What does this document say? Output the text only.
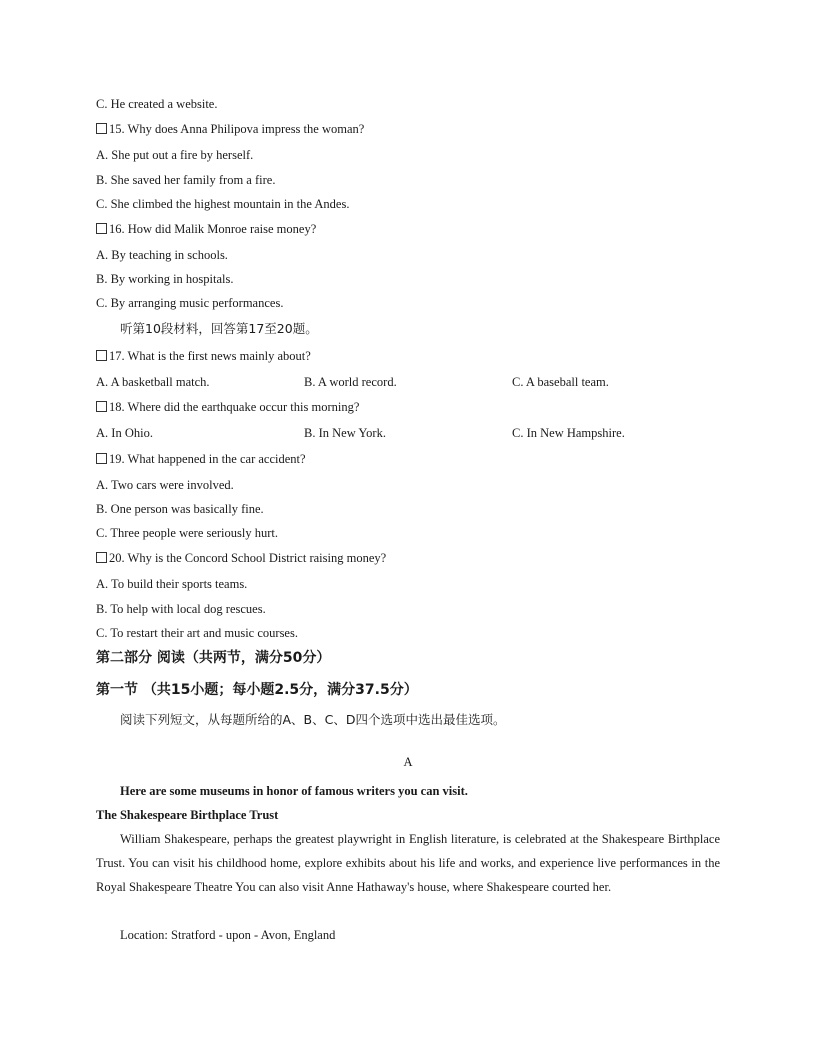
C. He created a website.
15. Why does Anna Philipova impress the woman?
A. She put out a fire by herself.
B. She saved her family from a fire.
C. She climbed the highest mountain in the Andes.
16. How did Malik Monroe raise money?
A. By teaching in schools.
B. By working in hospitals.
C. By arranging music performances.
听第10段材料，回答第17至20题。
17. What is the first news mainly about?
A. A basketball match.	B. A world record.	C. A baseball team.
18. Where did the earthquake occur this morning?
A. In Ohio.	B. In New York.	C. In New Hampshire.
19. What happened in the car accident?
A. Two cars were involved.
B. One person was basically fine.
C. Three people were seriously hurt.
20. Why is the Concord School District raising money?
A. To build their sports teams.
B. To help with local dog rescues.
C. To restart their art and music courses.
第二部分 阅读（共两节，满分50分）
第一节 （共15小题；每小题2.5分，满分37.5分）
阅读下列短文，从每题所给的A、B、C、D四个选项中选出最佳选项。
A
Here are some museums in honor of famous writers you can visit.
The Shakespeare Birthplace Trust
William Shakespeare, perhaps the greatest playwright in English literature, is celebrated at the Shakespeare Birthplace Trust. You can visit his childhood home, explore exhibits about his life and works, and experience live performances in the Royal Shakespeare Theatre You can also visit Anne Hathaway's house, where Shakespeare courted her.
Location: Stratford - upon - Avon, England
